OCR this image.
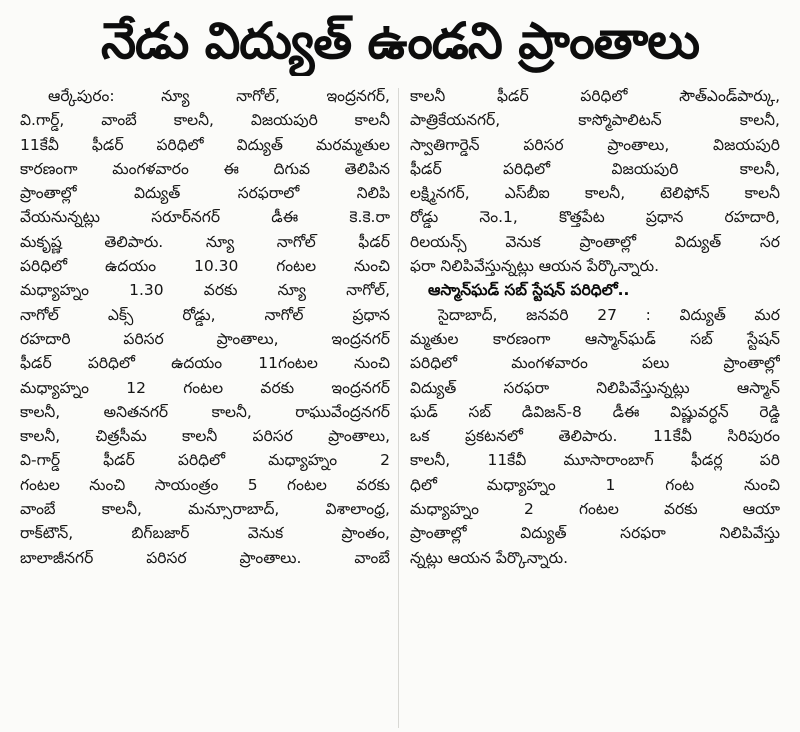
నేడు విద్యుత్ ఉండని ప్రాంతాలు
ఆర్కేపురం: న్యూ నాగోల్, ఇంద్రనగర్,
వి.గార్డ్, వాంబే కాలనీ, విజయపురి కాలనీ
11కేవీ ఫీడర్ పరిధిలో విద్యుత్ మరమ్మతుల
కారణంగా మంగళవారం ఈ దిగువ తెలిపిన
ప్రాంతాల్లో విద్యుత్ సరఫరాలో నిలిపి
వేయనున్నట్లు సరూర్‌నగర్ డీఈ కె.కె.రా
మకృష్ణ తెలిపారు. న్యూ నాగోల్ ఫీడర్
పరిధిలో ఉదయం 10.30 గంటల నుంచి
మధ్యాహ్నం 1.30 వరకు న్యూ నాగోల్,
నాగోల్ ఎక్స్ రోడ్డు, నాగోల్ ప్రధాన
రహదారి పరిసర ప్రాంతాలు, ఇంద్రనగర్
ఫీడర్ పరిధిలో ఉదయం 11గంటల నుంచి
మధ్యాహ్నం 12 గంటల వరకు ఇంద్రనగర్
కాలనీ, అనితనగర్ కాలనీ, రాఘువేంద్రనగర్
కాలనీ, చిత్రసీమ కాలనీ పరిసర ప్రాంతాలు,
వి-గార్డ్ ఫీడర్ పరిధిలో మధ్యాహ్నం 2
గంటల నుంచి సాయంత్రం 5 గంటల వరకు
వాంబే కాలనీ, మన్సూరాబాద్, విశాలాంధ్ర,
రాక్‌టౌన్, బిగ్‌బజార్ వెనుక ప్రాంతం,
బాలాజీనగర్ పరిసర ప్రాంతాలు. వాంబే
కాలనీ ఫీడర్ పరిధిలో సౌత్‌ఎండ్‌పార్కు,
పాత్రికేయనగర్, కాస్మోపాలిటన్ కాలనీ,
స్వాతిగార్డెన్ పరిసర ప్రాంతాలు, విజయపురి
ఫీడర్ పరిధిలో విజయపురి కాలనీ,
లక్ష్మినగర్, ఎస్‌బీఐ కాలనీ, టెలిఫోన్ కాలనీ
రోడ్డు నెం.1, కొత్తపేట ప్రధాన రహదారి,
రిలయన్స్ వెనుక ప్రాంతాల్లో విద్యుత్ సర
ఫరా నిలిపివేస్తున్నట్లు ఆయన పేర్కొన్నారు.
ఆస్మాన్‌ఘడ్ సబ్ స్టేషన్ పరిధిలో..
సైదాబాద్, జనవరి 27 : విద్యుత్ మర
మ్మతుల కారణంగా ఆస్మాన్‌ఘడ్ సబ్ స్టేషన్
పరిధిలో మంగళవారం పలు ప్రాంతాల్లో
విద్యుత్ సరఫరా నిలిపివేస్తున్నట్లు ఆస్మాన్
ఘడ్ సబ్ డివిజన్-8 డీఈ విష్ణువర్ధన్ రెడ్డి
ఒక ప్రకటనలో తెలిపారు. 11కేవీ సిరిపురం
కాలనీ, 11కేవీ మూసారాంబాగ్ ఫీడర్ల పరి
ధిలో మధ్యాహ్నం 1 గంట నుంచి
మధ్యాహ్నం 2 గంటల వరకు ఆయా
ప్రాంతాల్లో విద్యుత్ సరఫరా నిలిపివేస్తు
న్నట్లు ఆయన పేర్కొన్నారు.
